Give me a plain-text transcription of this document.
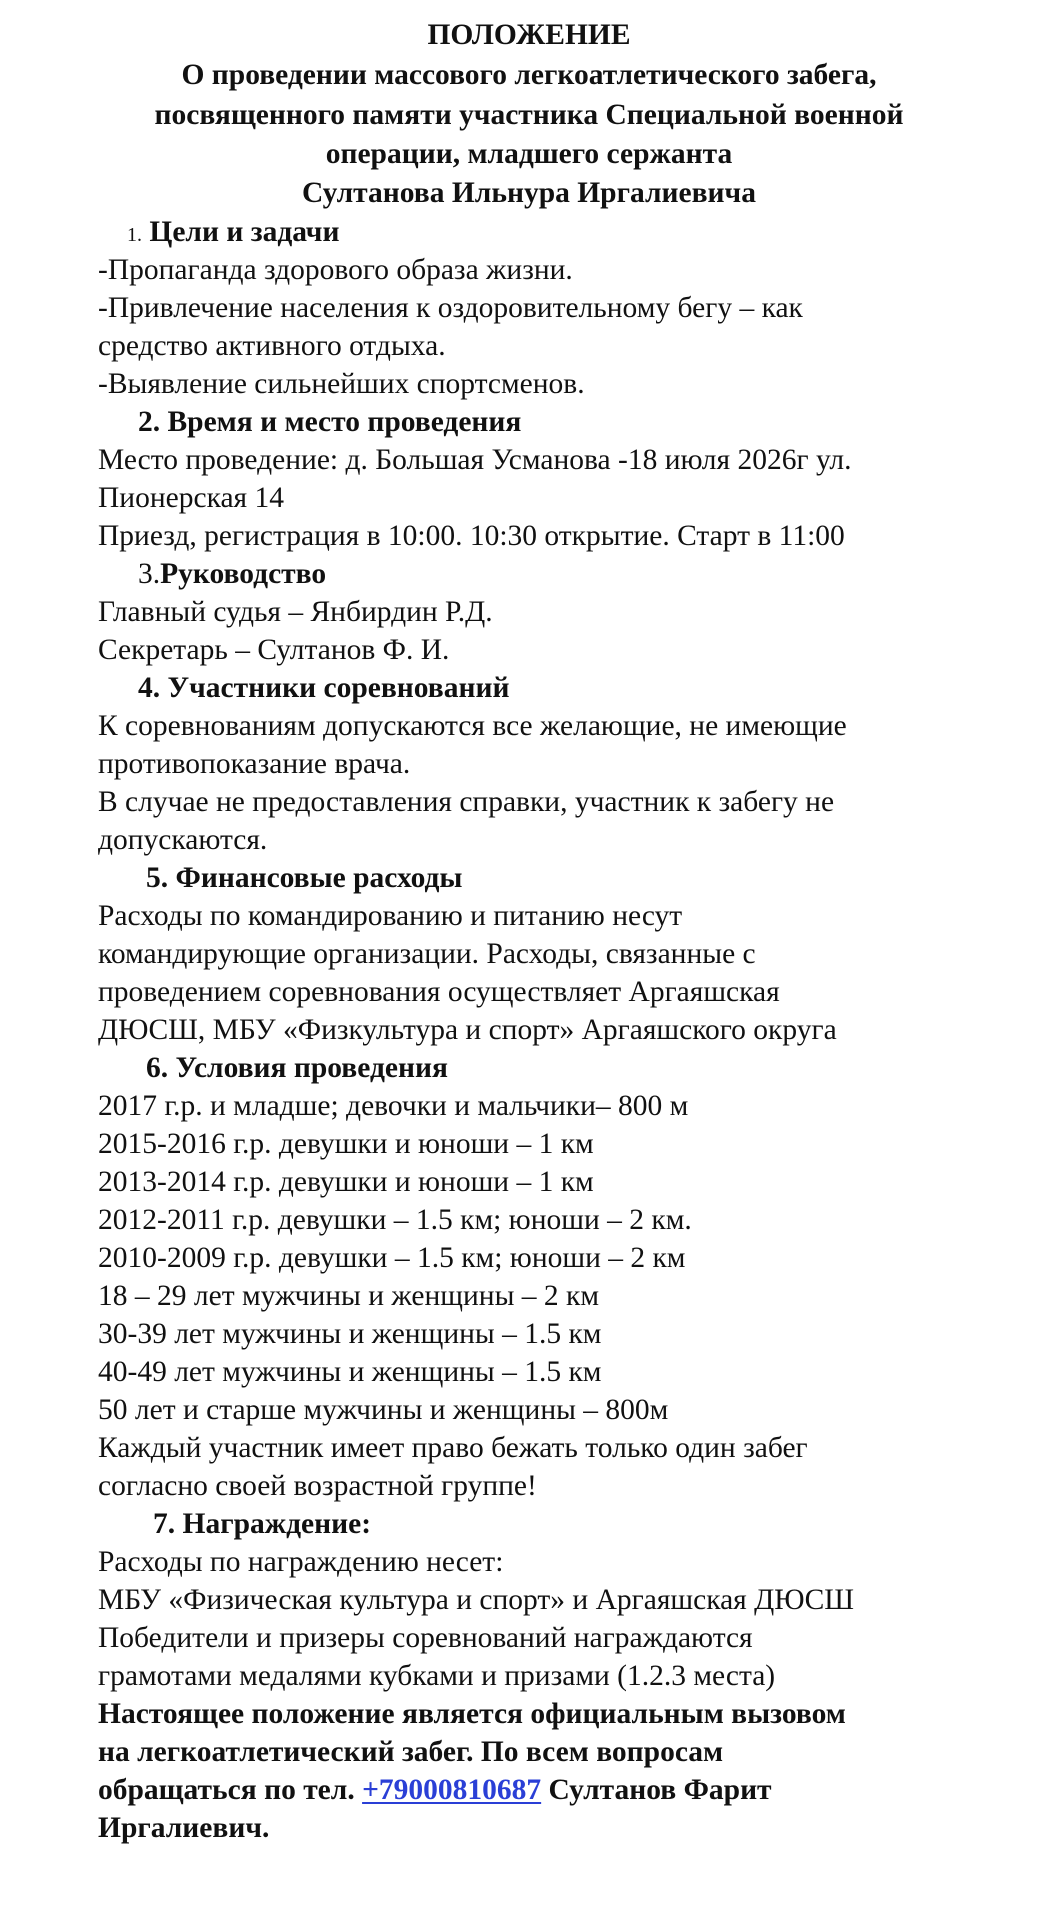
ПОЛОЖЕНИЕ
О проведении массового легкоатлетического забега,
посвященного памяти участника Специальной военной
операции, младшего сержанта
Султанова Ильнура Иргалиевича
1. Цели и задачи
-Пропаганда здорового образа жизни.
-Привлечение населения к оздоровительному бегу – как
средство активного отдыха.
-Выявление сильнейших спортсменов.
2. Время и место проведения
Место проведение: д. Большая Усманова -18 июля 2026г ул.
Пионерская 14
Приезд, регистрация в 10:00. 10:30 открытие. Старт в 11:00
3.Руководство
Главный судья – Янбирдин Р.Д.
Секретарь – Султанов Ф. И.
4. Участники соревнований
К соревнованиям допускаются все желающие, не имеющие
противопоказание врача.
В случае не предоставления справки, участник к забегу не
допускаются.
5. Финансовые расходы
Расходы по командированию и питанию несут
командирующие организации. Расходы, связанные с
проведением соревнования осуществляет Аргаяшская
ДЮСШ, МБУ «Физкультура и спорт» Аргаяшского округа
6. Условия проведения
2017 г.р. и младше; девочки и мальчики– 800 м
2015-2016 г.р. девушки и юноши – 1 км
2013-2014 г.р. девушки и юноши – 1 км
2012-2011 г.р. девушки – 1.5 км; юноши – 2 км.
2010-2009 г.р. девушки – 1.5 км; юноши – 2 км
18 – 29 лет мужчины и женщины – 2 км
30-39 лет мужчины и женщины – 1.5 км
40-49 лет мужчины и женщины – 1.5 км
50 лет и старше мужчины и женщины – 800м
Каждый участник имеет право бежать только один забег
согласно своей возрастной группе!
7. Награждение:
Расходы по награждению несет:
МБУ «Физическая культура и спорт» и Аргаяшская ДЮСШ
Победители и призеры соревнований награждаются
грамотами медалями кубками и призами (1.2.3 места)
Настоящее положение является официальным вызовом
на легкоатлетический забег. По всем вопросам
обращаться по тел. +79000810687 Султанов Фарит
Иргалиевич.
